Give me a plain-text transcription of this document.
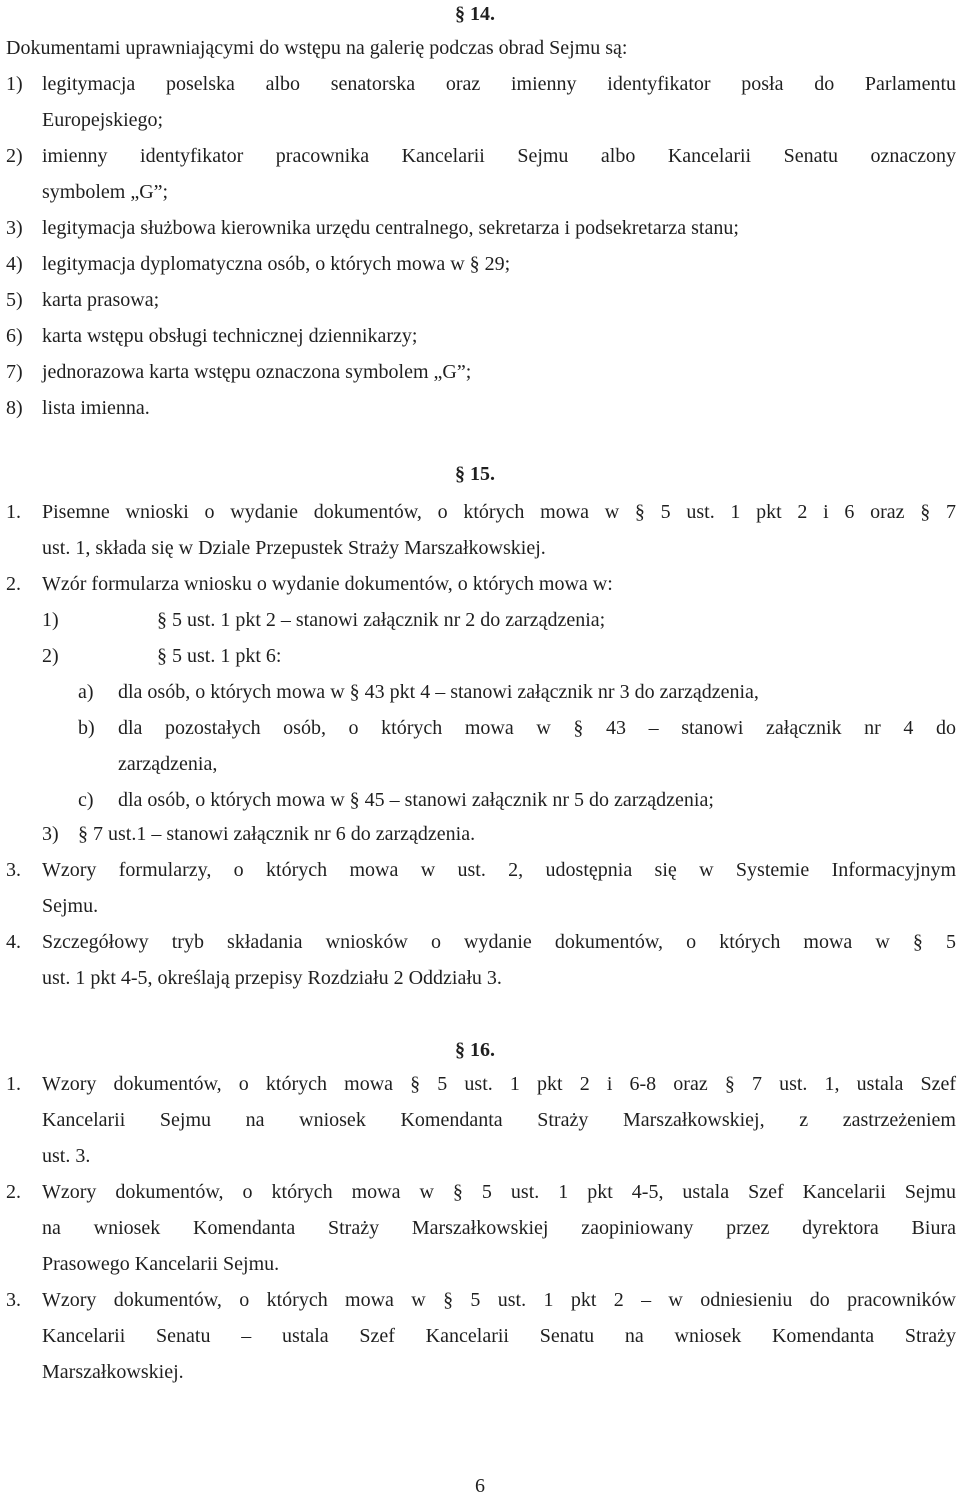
§ 14.
Dokumentami uprawniającymi do wstępu na galerię podczas obrad Sejmu są:
1) legitymacja poselska albo senatorska oraz imienny identyfikator posła do Parlamentu
Europejskiego;
2) imienny identyfikator pracownika Kancelarii Sejmu albo Kancelarii Senatu oznaczony
symbolem „G”;
3) legitymacja służbowa kierownika urzędu centralnego, sekretarza i podsekretarza stanu;
4) legitymacja dyplomatyczna osób, o których mowa w § 29;
5) karta prasowa;
6) karta wstępu obsługi technicznej dziennikarzy;
7) jednorazowa karta wstępu oznaczona symbolem „G”;
8) lista imienna.
§ 15.
1. Pisemne wnioski o wydanie dokumentów, o których mowa w § 5 ust. 1 pkt 2 i 6 oraz § 7
ust. 1, składa się w Dziale Przepustek Straży Marszałkowskiej.
2. Wzór formularza wniosku o wydanie dokumentów, o których mowa w:
1)	§ 5 ust. 1 pkt 2 – stanowi załącznik nr 2 do zarządzenia;
2)	§ 5 ust. 1 pkt 6:
a) dla osób, o których mowa w § 43 pkt 4 – stanowi załącznik nr 3 do zarządzenia,
b) dla pozostałych osób, o których mowa w § 43 – stanowi załącznik nr 4 do
zarządzenia,
c) dla osób, o których mowa w § 45 – stanowi załącznik nr 5 do zarządzenia;
3) § 7 ust.1 – stanowi załącznik nr 6 do zarządzenia.
3. Wzory formularzy, o których mowa w ust. 2, udostępnia się w Systemie Informacyjnym
Sejmu.
4. Szczegółowy tryb składania wniosków o wydanie dokumentów, o których mowa w § 5
ust. 1 pkt 4-5, określają przepisy Rozdziału 2 Oddziału 3.
§ 16.
1. Wzory dokumentów, o których mowa § 5 ust. 1 pkt 2 i 6-8 oraz § 7 ust. 1, ustala Szef
Kancelarii Sejmu na wniosek Komendanta Straży Marszałkowskiej, z zastrzeżeniem
ust. 3.
2. Wzory dokumentów, o których mowa w § 5 ust. 1 pkt 4-5, ustala Szef Kancelarii Sejmu
na wniosek Komendanta Straży Marszałkowskiej zaopiniowany przez dyrektora Biura
Prasowego Kancelarii Sejmu.
3. Wzory dokumentów, o których mowa w § 5 ust. 1 pkt 2 – w odniesieniu do pracowników
Kancelarii Senatu – ustala Szef Kancelarii Senatu na wniosek Komendanta Straży
Marszałkowskiej.
6
